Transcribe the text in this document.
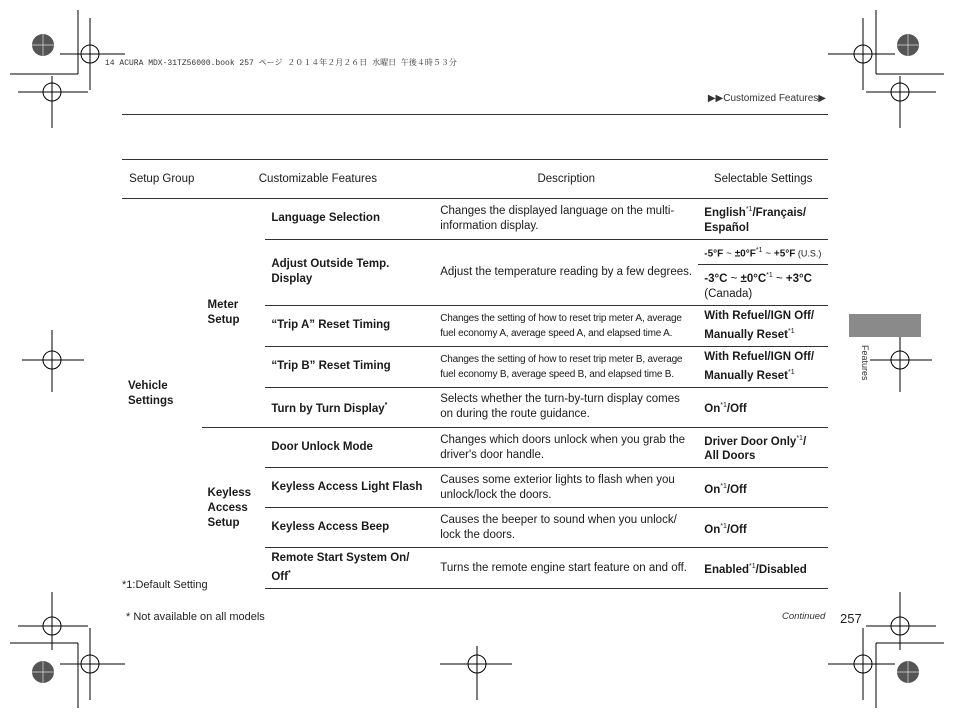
14 ACURA MDX-31TZ56000.book 257 ページ ２０１４年２月２６日 水曜日 午後４時５３分
▶▶Customized Features▶
Features
Setup Group	Customizable Features		Description	Selectable Settings
Vehicle Settings	Meter Setup	Language Selection	Changes the displayed language on the multi-information display.	English$^{*1}$/Français/ Español
		Adjust Outside Temp. Display	Adjust the temperature reading by a few degrees.	-5°F ~ $\pm 0^\circ F^{*1}$ ~ +5°F (U.S.)
				-3°C ~ $\pm 0^\circ C^{*1}$ ~ +3°C
(Canada)
		“Trip A” Reset Timing	Changes the setting of how to reset trip meter A, average fuel economy A, average speed A, and elapsed time A.	With Refuel/IGN Off/ Manually Reset$^{*1}$
		“Trip B” Reset Timing	Changes the setting of how to reset trip meter B, average fuel economy B, average speed B, and elapsed time B.	With Refuel/IGN Off/ Manually Reset$^{*1}$
		Turn by Turn Display*	Selects whether the turn-by-turn display comes on during the route guidance.	On$^{*1}$/Off
	Keyless Access Setup	Door Unlock Mode	Changes which doors unlock when you grab the driver's door handle.	Driver Door Only$^{*1}$/ All Doors
		Keyless Access Light Flash	Causes some exterior lights to flash when you unlock/lock the doors.	On$^{*1}$/Off
		Keyless Access Beep	Causes the beeper to sound when you unlock/ lock the doors.	On$^{*1}$/Off
		Remote Start System On/ Off*	Turns the remote engine start feature on and off.	Enabled$^{*1}$/Disabled
*1:Default Setting
* Not available on all models	Continued 257
